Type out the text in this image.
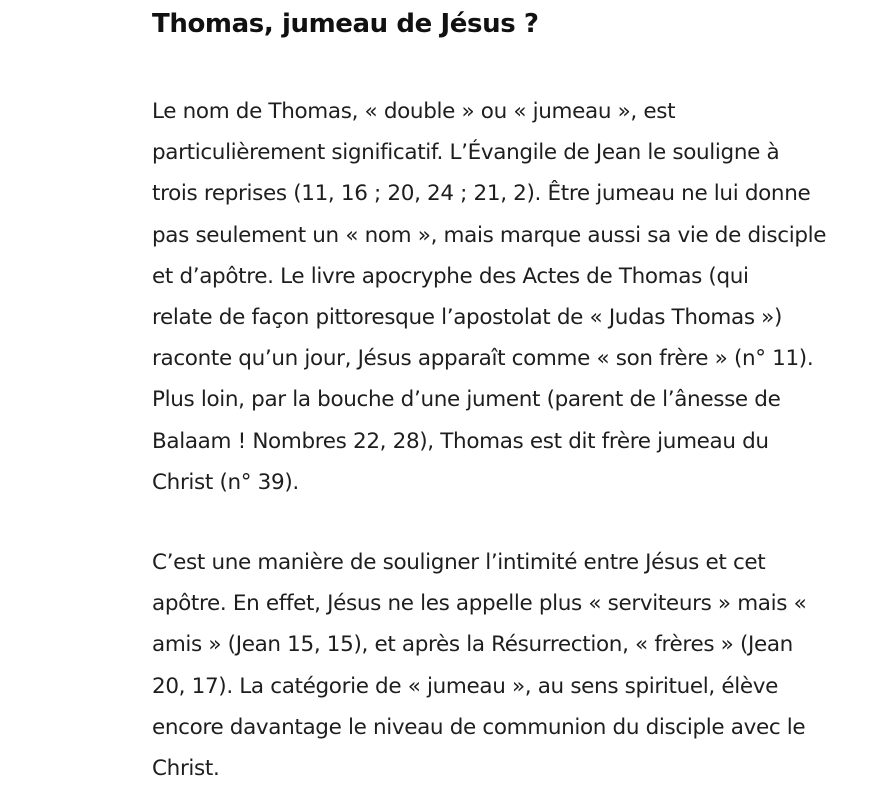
Thomas, jumeau de Jésus ?

Le nom de Thomas, « double » ou « jumeau », est
particulièrement significatif. L’Évangile de Jean le souligne à
trois reprises (11, 16 ; 20, 24 ; 21, 2). Être jumeau ne lui donne
pas seulement un « nom », mais marque aussi sa vie de disciple
et d’apôtre. Le livre apocryphe des Actes de Thomas (qui
relate de façon pittoresque l’apostolat de « Judas Thomas »)
raconte qu’un jour, Jésus apparaît comme « son frère » (n° 11).
Plus loin, par la bouche d’une jument (parent de l’ânesse de
Balaam ! Nombres 22, 28), Thomas est dit frère jumeau du
Christ (n° 39).

C’est une manière de souligner l’intimité entre Jésus et cet
apôtre. En effet, Jésus ne les appelle plus « serviteurs » mais «
amis » (Jean 15, 15), et après la Résurrection, « frères » (Jean
20, 17). La catégorie de « jumeau », au sens spirituel, élève
encore davantage le niveau de communion du disciple avec le
Christ.
